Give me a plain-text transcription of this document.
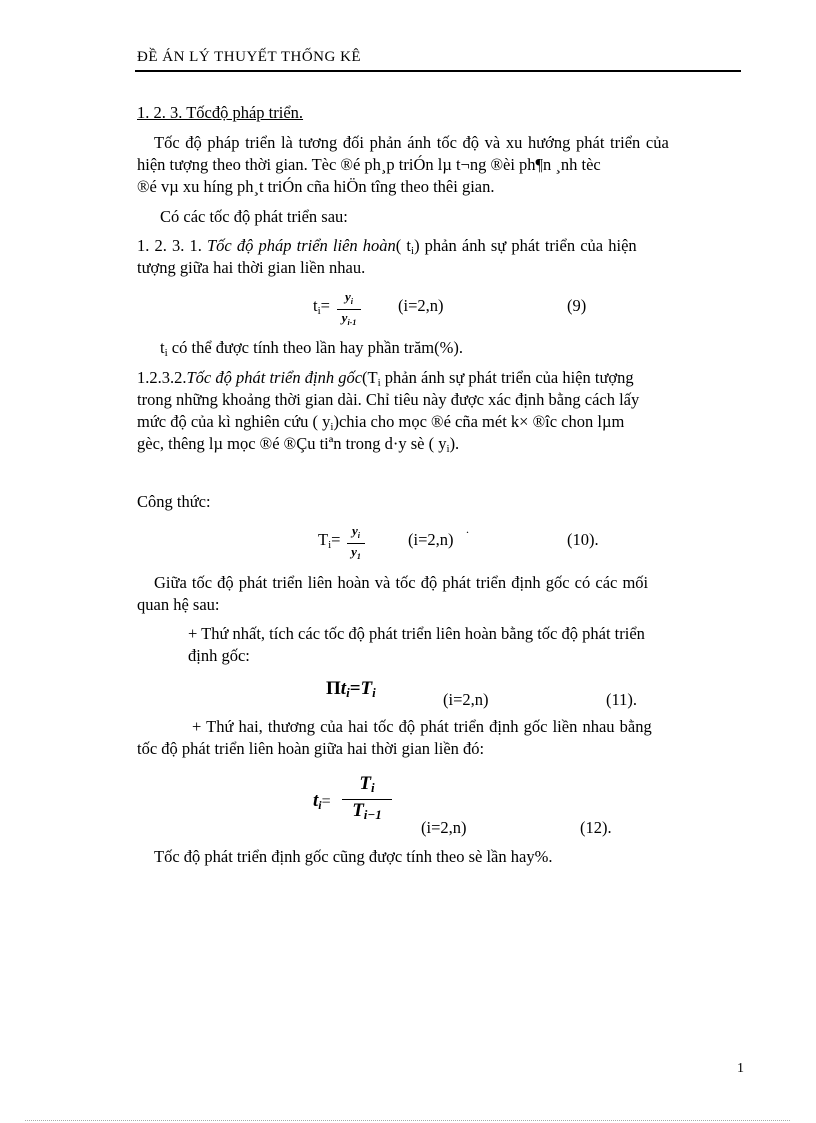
ĐỀ ÁN LÝ THUYẾT THỐNG KÊ
1. 2. 3. Tốcđộ pháp triển.
Tốc độ pháp triển là tương đối phản ánh tốc độ và xu hướng phát triển của
hiện tượng theo thời gian. Tèc ®é ph¸p triÓn lµ t¬ng ®èi ph¶n ¸nh tèc
®é vµ xu híng ph¸t triÓn cña hiÖn tîng theo thêi gian.
Có các tốc độ phát triển sau:
1. 2. 3. 1. Tốc độ pháp triển liên hoàn( $t_i$) phản ánh sự phát triển của hiện
tượng giữa hai thời gian liền nhau.
$t_i=$	$y_i$
$y_{i-1}$
(i=2,n)	(9)
$t_i$ có thể được tính theo lần hay phần trăm(%).
1.2.3.2.Tốc độ phát triển định $gốc(T_i$ phản ánh sự phát triển của hiện tượng
trong những khoảng thời gian dài. Chỉ tiêu này được xác định bằng cách lấy
mức độ của kì nghiên cứu ( $y_i)chia$ cho mọc ®é cña mét k× ®îc chon lµm
gèc, thêng lµ mọc ®é ®Çu tiªn trong d·y sè ( $y_i$).
Công thức:
$T_i= y_i$
$y_1$
(i=2,n)
.
(10).
Giữa tốc độ phát triển liên hoàn và tốc độ phát triển định gốc có các mối
quan hệ sau:
+ Thứ nhất, tích các tốc độ phát triển liên hoàn bằng tốc độ phát triển
định gốc:
$\Pi t_i=T_i$	(i=2,n)	(11).
+ Thứ hai, thương của hai tốc độ phát triển định gốc liền nhau bằng
tốc độ phát triển liên hoàn giữa hai thời gian liền đó:
$t_i=$
$T_i$
$T_{i-1}$
(i=2,n)	(12).
Tốc độ phát triển định gốc cũng được tính theo sè lần hay%.
1
